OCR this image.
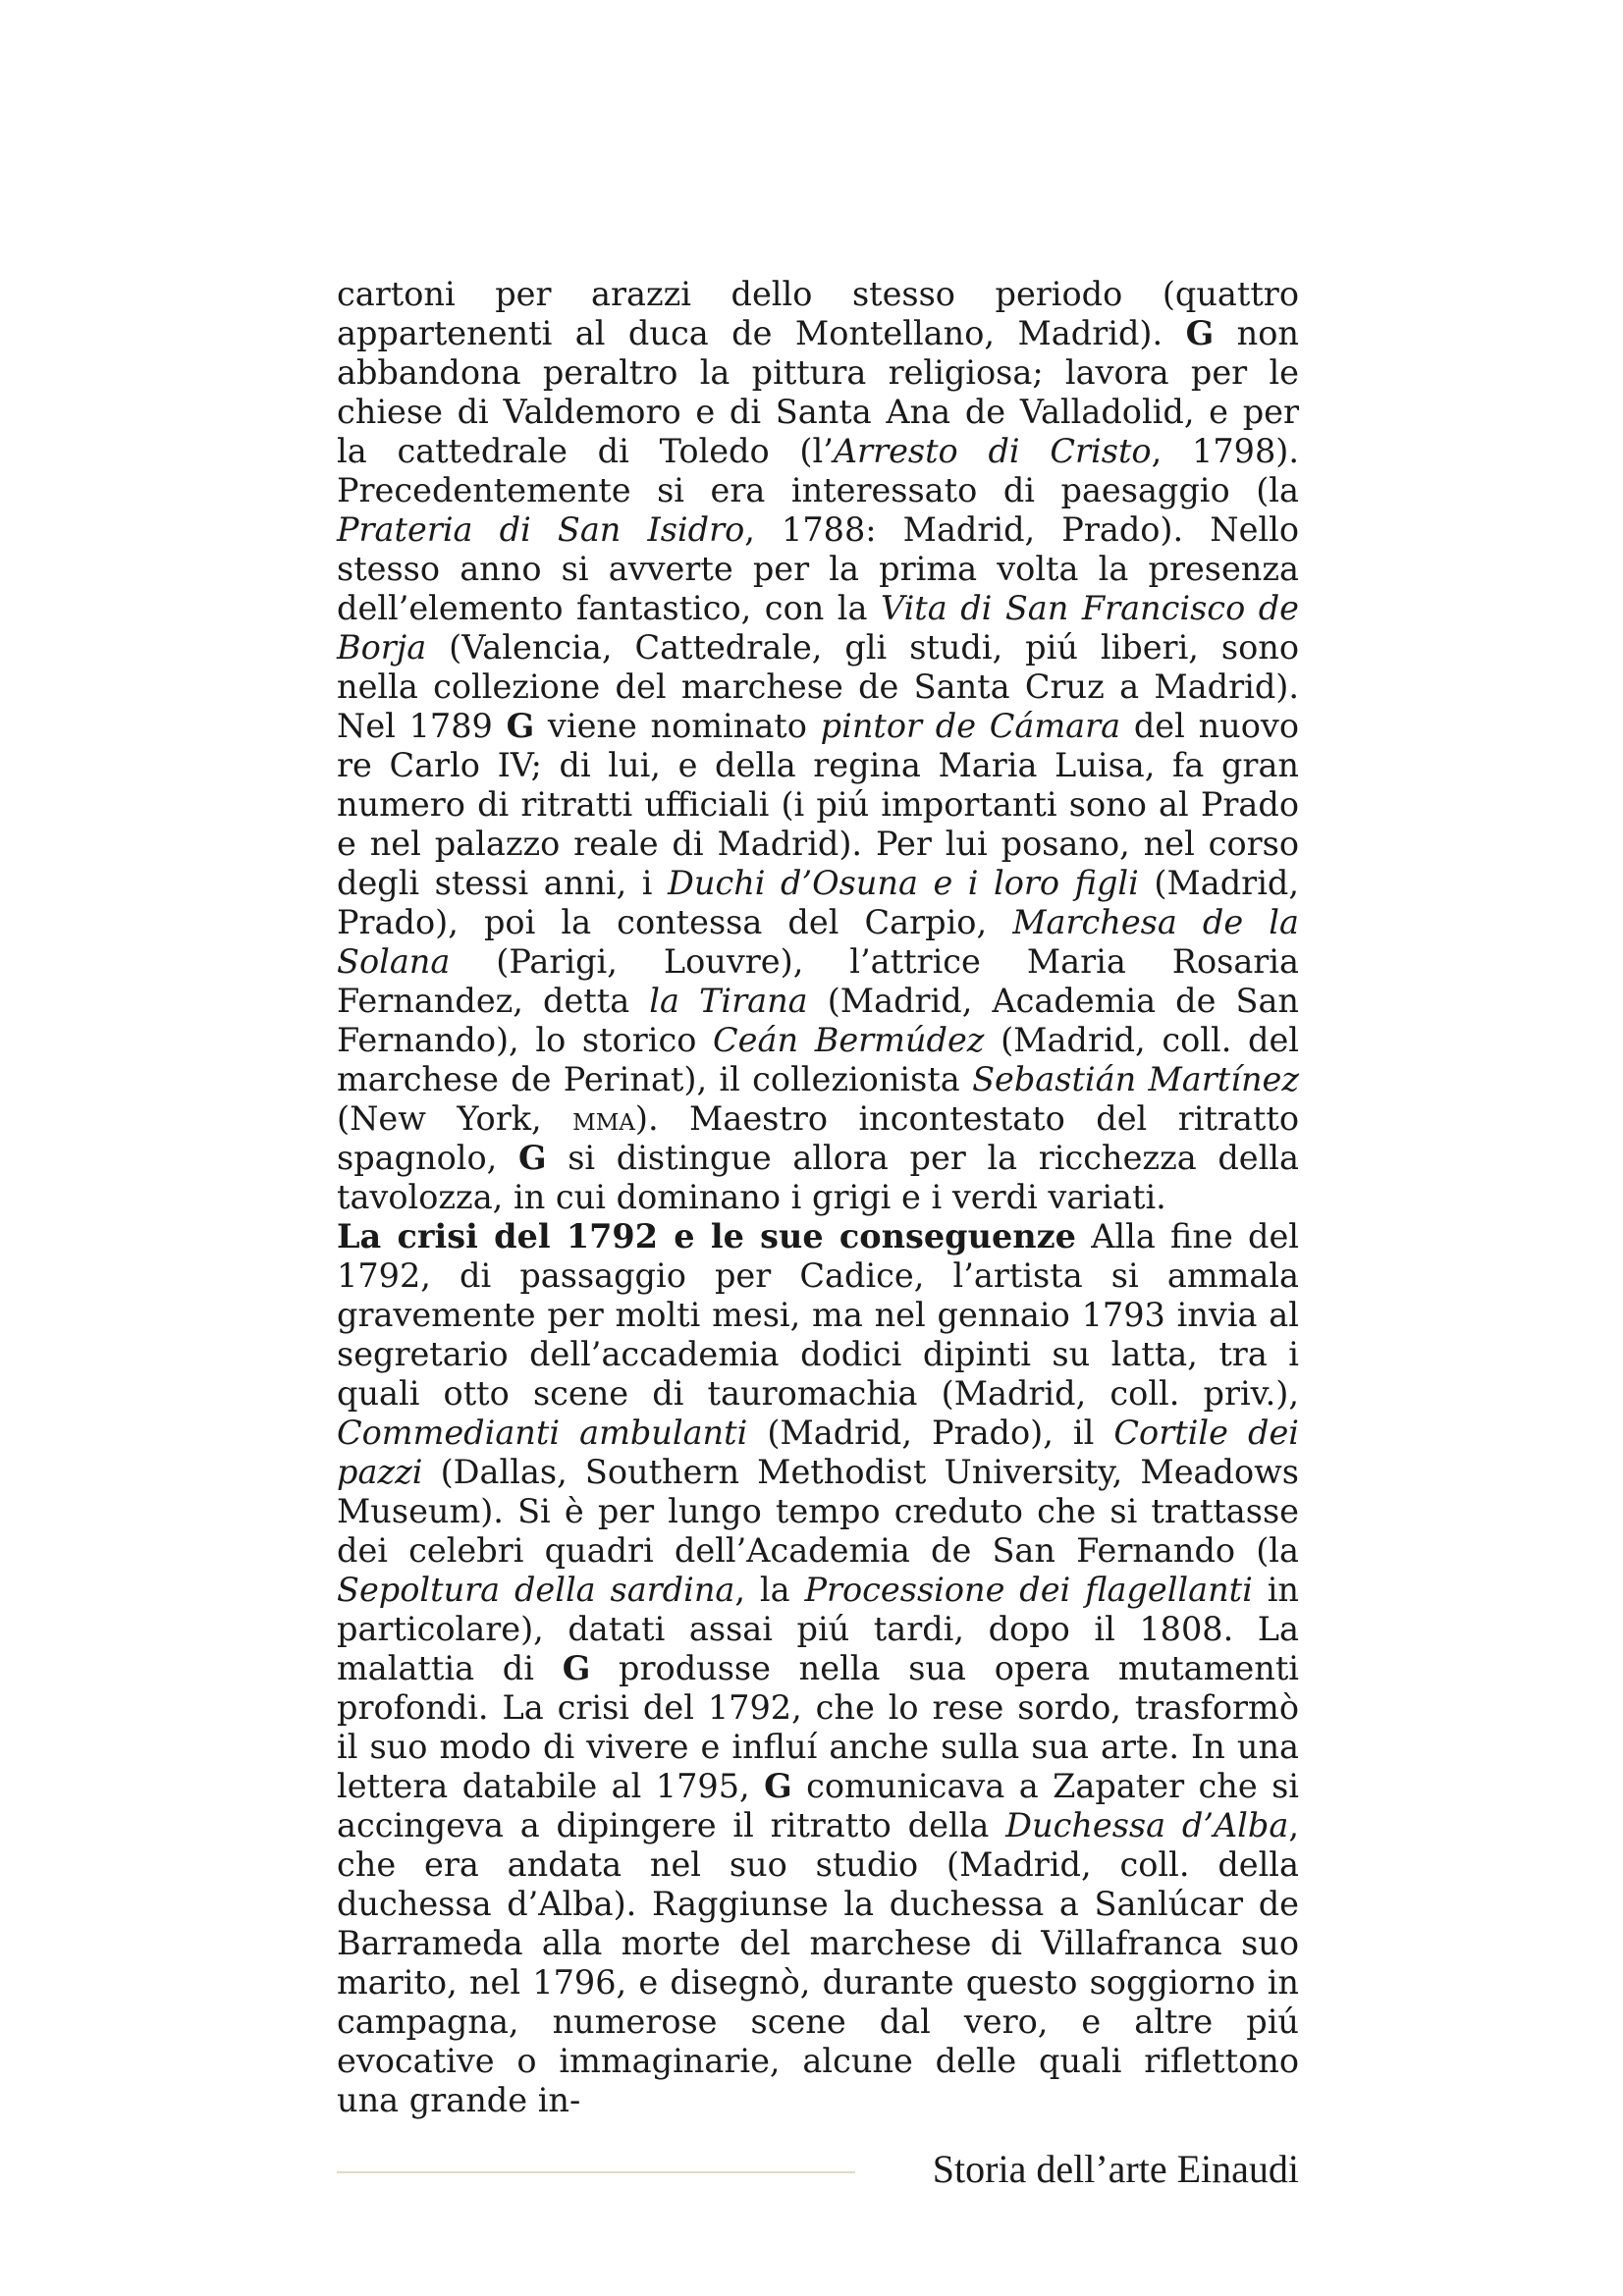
cartoni per arazzi dello stesso periodo (quattro appartenenti al duca de Montellano, Madrid). G non abbandona peraltro la pittura religiosa; lavora per le chiese di Valdemoro e di Santa Ana de Valladolid, e per la cattedrale di Toledo (l’Arresto di Cristo, 1798). Precedentemente si era interessato di paesaggio (la Prateria di San Isidro, 1788: Madrid, Prado). Nello stesso anno si avverte per la prima volta la presenza dell’elemento fantastico, con la Vita di San Francisco de Borja (Valencia, Cattedrale, gli studi, piú liberi, sono nella collezione del marchese de Santa Cruz a Madrid). Nel 1789 G viene nominato pintor de Cámara del nuovo re Carlo IV; di lui, e della regina Maria Luisa, fa gran numero di ritratti ufficiali (i piú importanti sono al Prado e nel palazzo reale di Madrid). Per lui posano, nel corso degli stessi anni, i Duchi d’Osuna e i loro figli (Madrid, Prado), poi la contessa del Carpio, Marchesa de la Solana (Parigi, Louvre), l’attrice Maria Rosaria Fernandez, detta la Tirana (Madrid, Academia de San Fernando), lo storico Ceán Bermúdez (Madrid, coll. del marchese de Perinat), il collezionista Sebastián Martínez (New York, mma). Maestro incontestato del ritratto spagnolo, G si distingue allora per la ricchezza della tavolozza, in cui dominano i grigi e i verdi variati.

La crisi del 1792 e le sue conseguenze Alla fine del 1792, di passaggio per Cadice, l’artista si ammala gravemente per molti mesi, ma nel gennaio 1793 invia al segretario dell’accademia dodici dipinti su latta, tra i quali otto scene di tauromachia (Madrid, coll. priv.), Commedianti ambulanti (Madrid, Prado), il Cortile dei pazzi (Dallas, Southern Methodist University, Meadows Museum). Si è per lungo tempo creduto che si trattasse dei celebri quadri dell’Academia de San Fernando (la Sepoltura della sardina, la Processione dei flagellanti in particolare), datati assai piú tardi, dopo il 1808. La malattia di G produsse nella sua opera mutamenti profondi. La crisi del 1792, che lo rese sordo, trasformò il suo modo di vivere e influí anche sulla sua arte. In una lettera databile al 1795, G comunicava a Zapater che si accingeva a dipingere il ritratto della Duchessa d’Alba, che era andata nel suo studio (Madrid, coll. della duchessa d’Alba). Raggiunse la duchessa a Sanlúcar de Barrameda alla morte del marchese di Villafranca suo marito, nel 1796, e disegnò, durante questo soggiorno in campagna, numerose scene dal vero, e altre piú evocative o immaginarie, alcune delle quali riflettono una grande in-

Storia dell’arte Einaudi
